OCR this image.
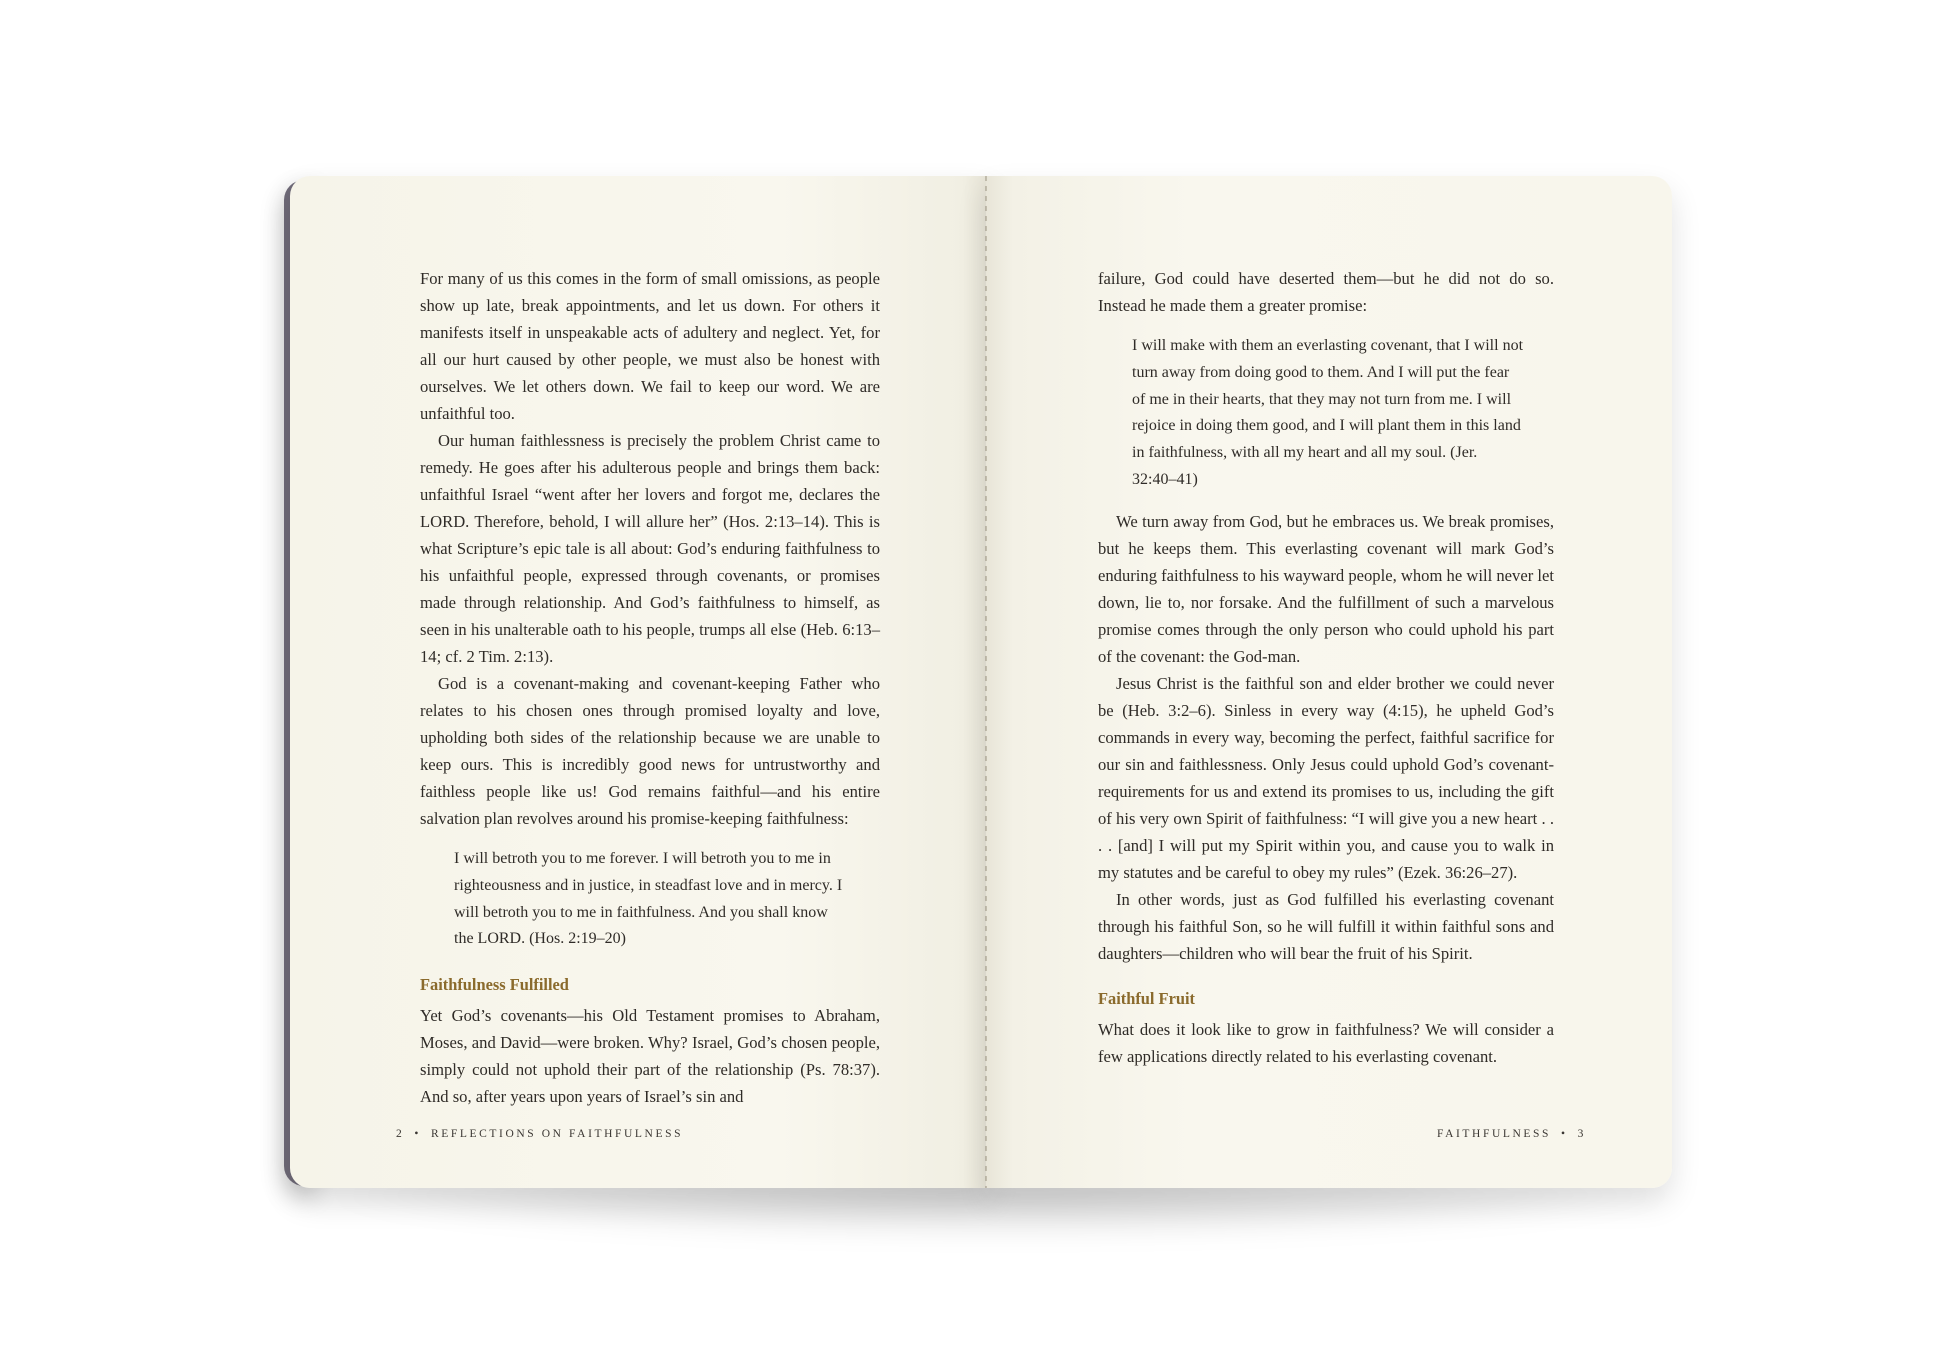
For many of us this comes in the form of small omissions, as people show up late, break appointments, and let us down. For others it manifests itself in unspeakable acts of adultery and neglect. Yet, for all our hurt caused by other people, we must also be honest with ourselves. We let others down. We fail to keep our word. We are unfaithful too.

Our human faithlessness is precisely the problem Christ came to remedy. He goes after his adulterous people and brings them back: unfaithful Israel “went after her lovers and forgot me, declares the LORD. Therefore, behold, I will allure her” (Hos. 2:13–14). This is what Scripture’s epic tale is all about: God’s enduring faithfulness to his unfaithful people, expressed through covenants, or promises made through relationship. And God’s faithfulness to himself, as seen in his unalterable oath to his people, trumps all else (Heb. 6:13–14; cf. 2 Tim. 2:13).

God is a covenant-making and covenant-keeping Father who relates to his chosen ones through promised loyalty and love, upholding both sides of the relationship because we are unable to keep ours. This is incredibly good news for untrustworthy and faithless people like us! God remains faithful—and his entire salvation plan revolves around his promise-keeping faithfulness:

I will betroth you to me forever. I will betroth you to me in righteousness and in justice, in steadfast love and in mercy. I will betroth you to me in faithfulness. And you shall know the LORD. (Hos. 2:19–20)
Faithfulness Fulfilled

Yet God’s covenants—his Old Testament promises to Abraham, Moses, and David—were broken. Why? Israel, God’s chosen people, simply could not uphold their part of the relationship (Ps. 78:37). And so, after years upon years of Israel’s sin and

2 • REFLECTIONS ON FAITHFULNESS

failure, God could have deserted them—but he did not do so. Instead he made them a greater promise:

I will make with them an everlasting covenant, that I will not turn away from doing good to them. And I will put the fear of me in their hearts, that they may not turn from me. I will rejoice in doing them good, and I will plant them in this land in faithfulness, with all my heart and all my soul. (Jer. 32:40–41)

We turn away from God, but he embraces us. We break promises, but he keeps them. This everlasting covenant will mark God’s enduring faithfulness to his wayward people, whom he will never let down, lie to, nor forsake. And the fulfillment of such a marvelous promise comes through the only person who could uphold his part of the covenant: the God-man.

Jesus Christ is the faithful son and elder brother we could never be (Heb. 3:2–6). Sinless in every way (4:15), he upheld God’s commands in every way, becoming the perfect, faithful sacrifice for our sin and faithlessness. Only Jesus could uphold God’s covenant-requirements for us and extend its promises to us, including the gift of his very own Spirit of faithfulness: “I will give you a new heart . . . . [and] I will put my Spirit within you, and cause you to walk in my statutes and be careful to obey my rules” (Ezek. 36:26–27).

In other words, just as God fulfilled his everlasting covenant through his faithful Son, so he will fulfill it within faithful sons and daughters—children who will bear the fruit of his Spirit.

Faithful Fruit

What does it look like to grow in faithfulness? We will consider a few applications directly related to his everlasting covenant.

FAITHFULNESS • 3
